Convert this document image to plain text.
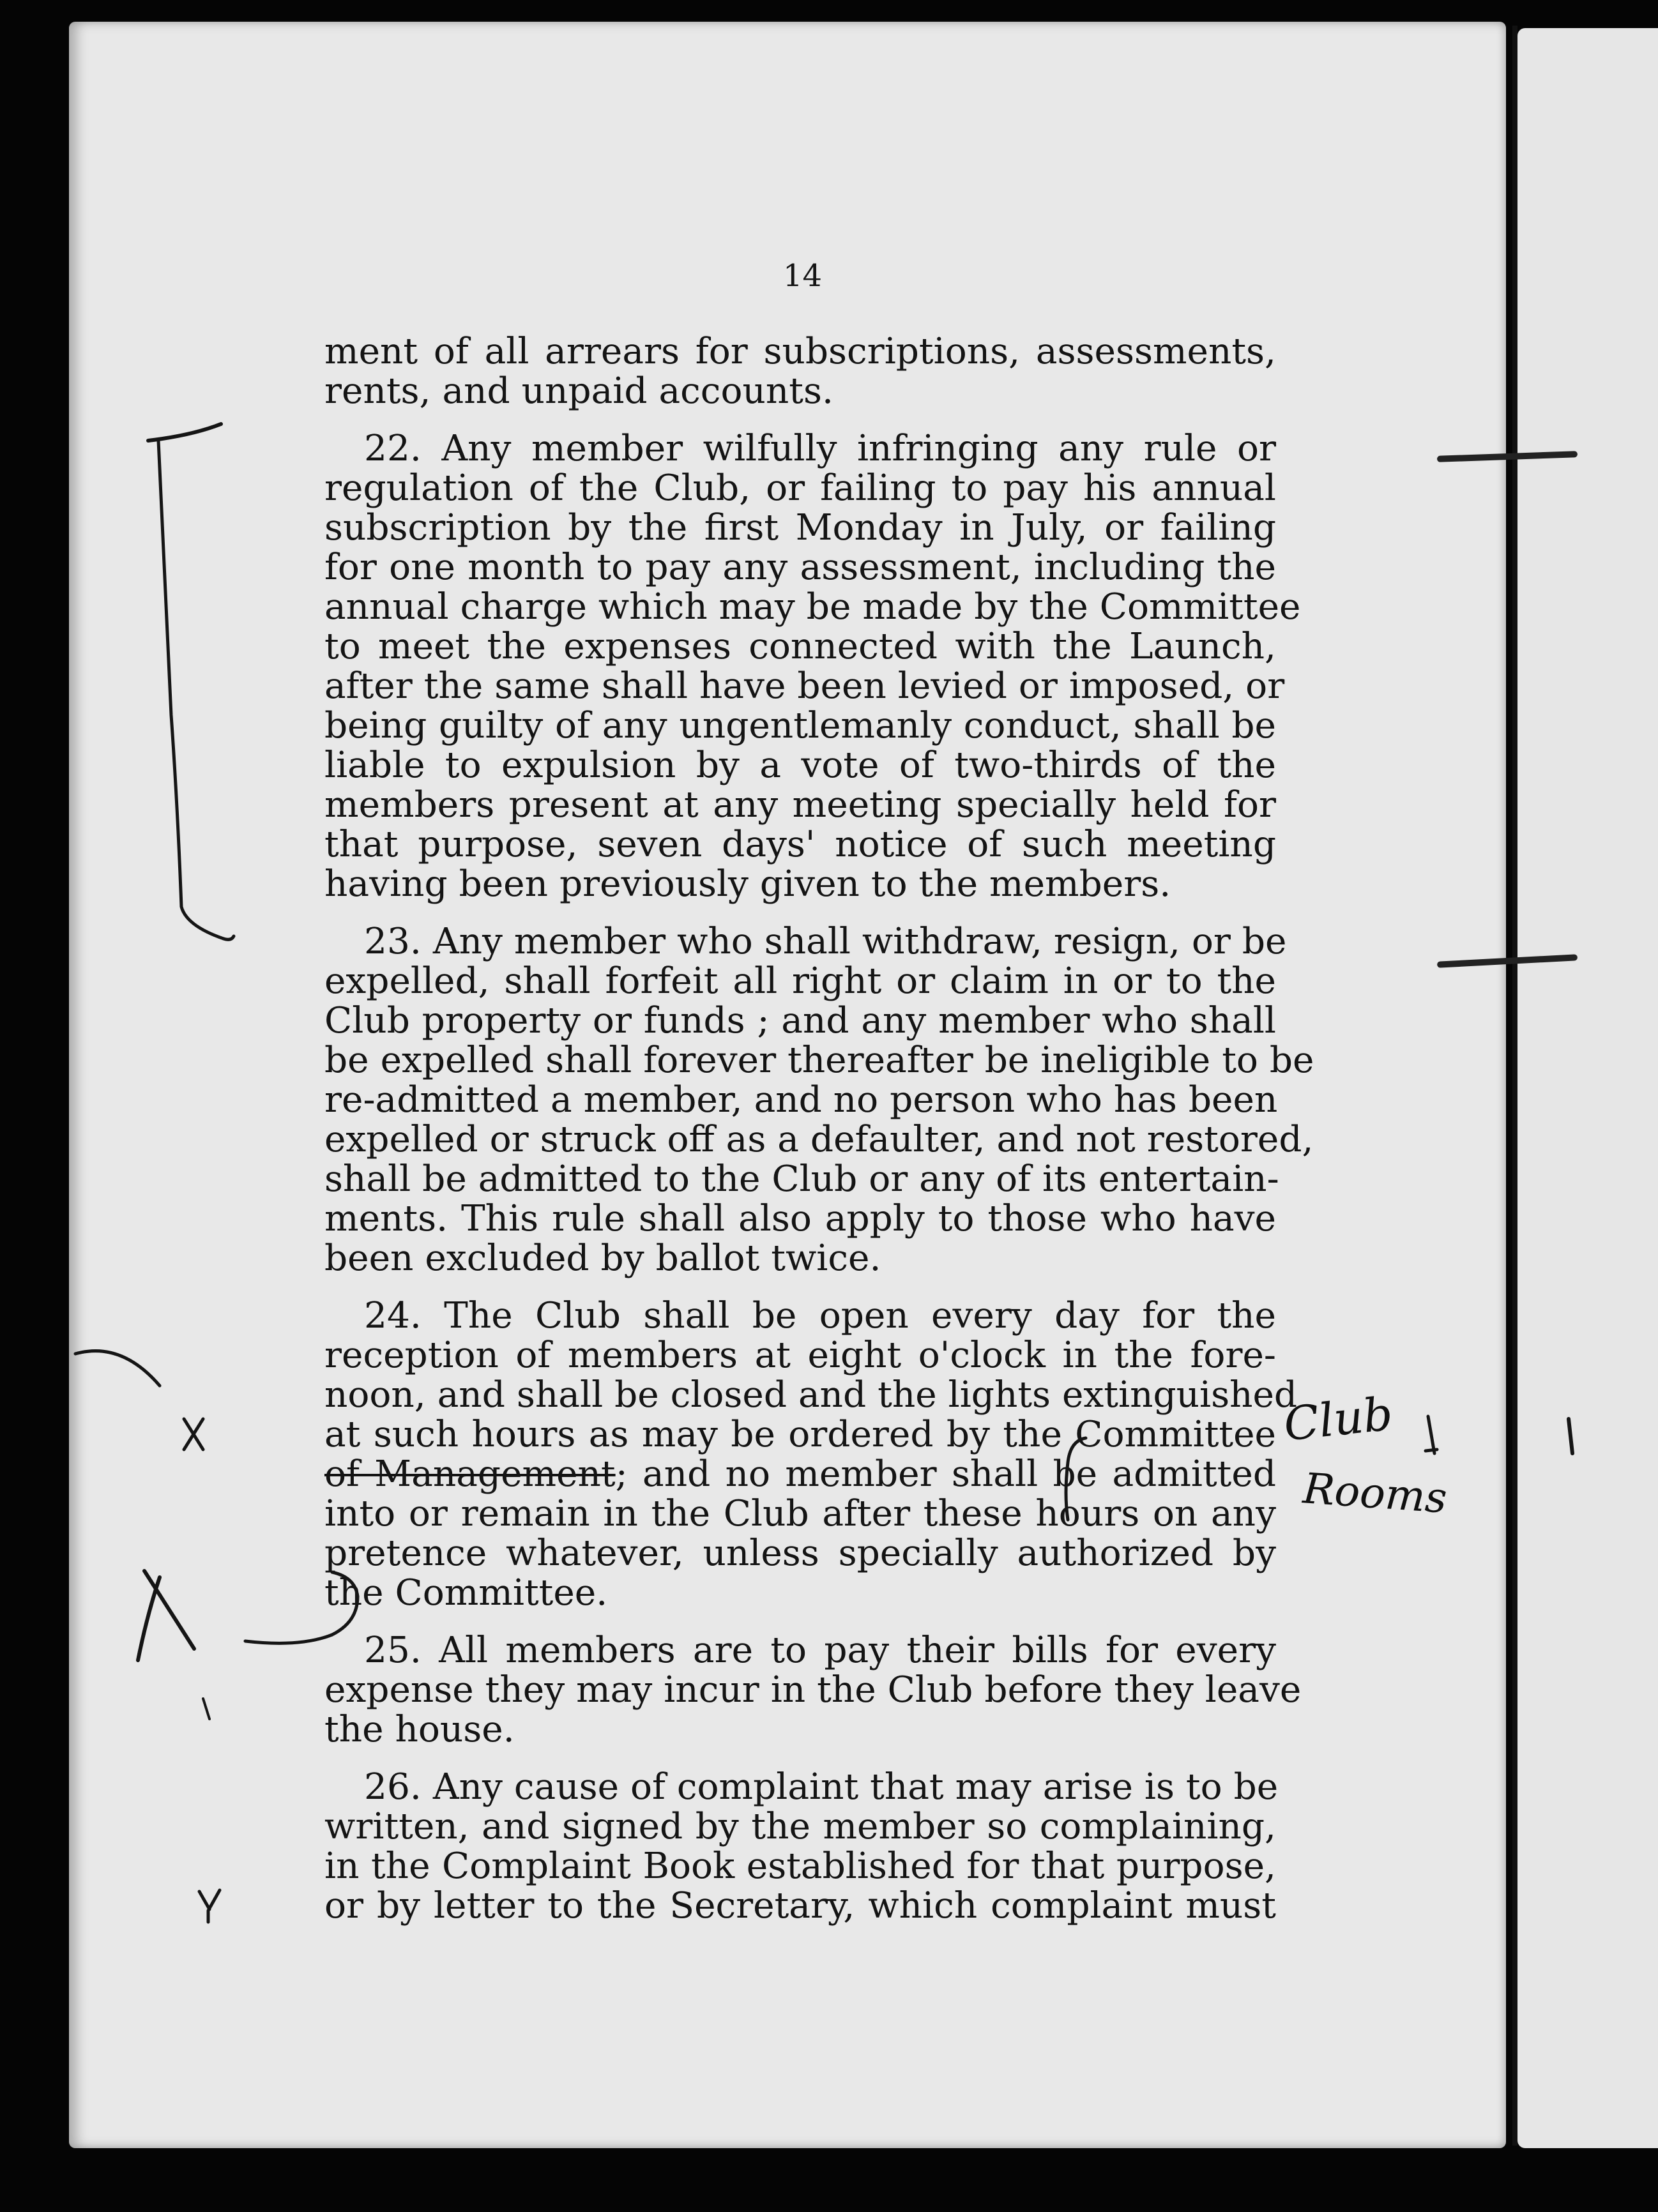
14
ment of all arrears for subscriptions, assessments,
rents, and unpaid accounts.
22. Any member wilfully infringing any rule or
regulation of the Club, or failing to pay his annual
subscription by the first Monday in July, or failing
for one month to pay any assessment, including the
annual charge which may be made by the Committee
to meet the expenses connected with the Launch,
after the same shall have been levied or imposed, or
being guilty of any ungentlemanly conduct, shall be
liable to expulsion by a vote of two-thirds of the
members present at any meeting specially held for
that purpose, seven days' notice of such meeting
having been previously given to the members.
23. Any member who shall withdraw, resign, or be
expelled, shall forfeit all right or claim in or to the
Club property or funds ; and any member who shall
be expelled shall forever thereafter be ineligible to be
re-admitted a member, and no person who has been
expelled or struck off as a defaulter, and not restored,
shall be admitted to the Club or any of its entertain-
ments. This rule shall also apply to those who have
been excluded by ballot twice.
24. The Club shall be open every day for the
reception of members at eight o'clock in the fore-
noon, and shall be closed and the lights extinguished
at such hours as may be ordered by the Committee
of Management; and no member shall be admitted
into or remain in the Club after these hours on any
pretence whatever, unless specially authorized by
the Committee.
25. All members are to pay their bills for every
expense they may incur in the Club before they leave
the house.
26. Any cause of complaint that may arise is to be
written, and signed by the member so complaining,
in the Complaint Book established for that purpose,
or by letter to the Secretary, which complaint must
Club
Rooms
